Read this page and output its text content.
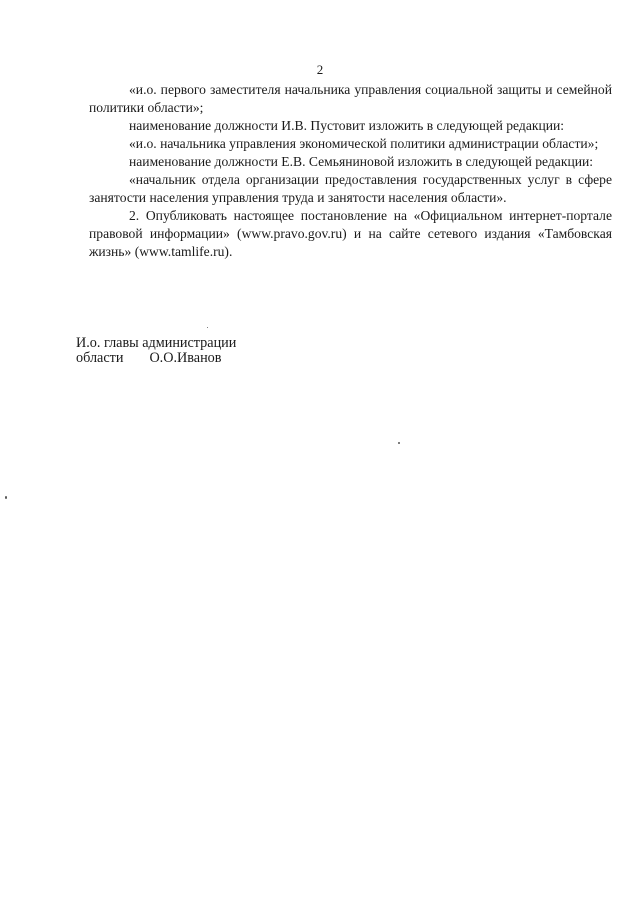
2

«и.о. первого заместителя начальника управления социальной защиты и семейной политики области»;

наименование должности И.В. Пустовит изложить в следующей редакции:

«и.о. начальника управления экономической политики администрации области»;

наименование должности Е.В. Семьяниновой изложить в следующей редакции:

«начальник отдела организации предоставления государственных услуг в сфере занятости населения управления труда и занятости населения области».

2. Опубликовать настоящее постановление на «Официальном интернет-портале правовой информации» (www.pravo.gov.ru) и на сайте сетевого издания «Тамбовская жизнь» (www.tamlife.ru).

И.о. главы администрации
области О.О.Иванов
